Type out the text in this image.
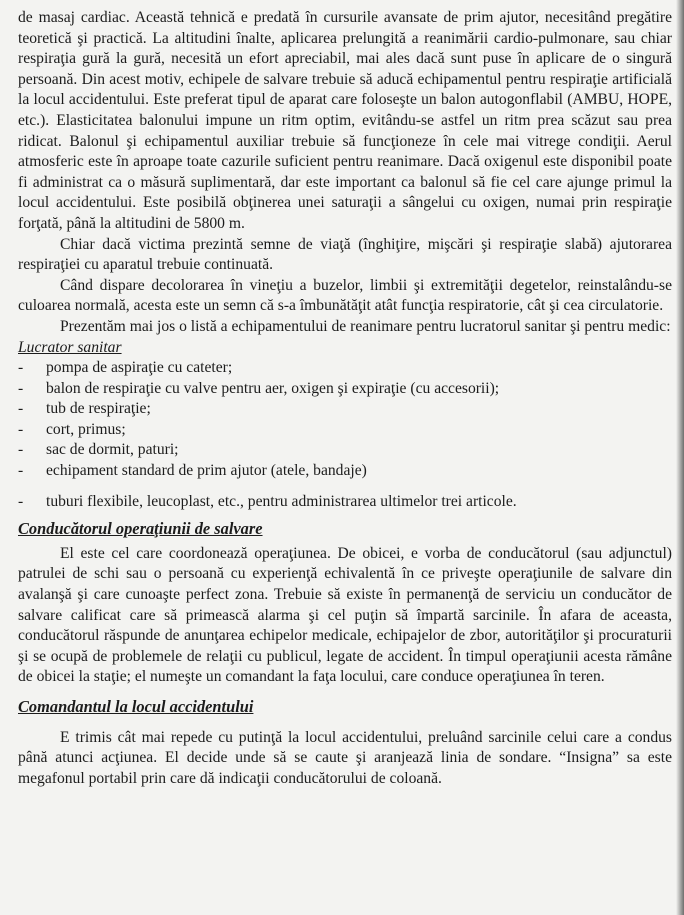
de masaj cardiac. Această tehnică e predată în cursurile avansate de prim ajutor, necesitând pregătire teoretică şi practică. La altitudini înalte, aplicarea prelungită a reanimării cardio-pulmonare, sau chiar respiraţia gură la gură, necesită un efort apreciabil, mai ales dacă sunt puse în aplicare de o singură persoană. Din acest motiv, echipele de salvare trebuie să aducă echipamentul pentru respiraţie artificială la locul accidentului. Este preferat tipul de aparat care foloseşte un balon autogonflabil (AMBU, HOPE, etc.). Elasticitatea balonului impune un ritm optim, evitându-se astfel un ritm prea scăzut sau prea ridicat. Balonul şi echipamentul auxiliar trebuie să funcţioneze în cele mai vitrege condiţii. Aerul atmosferic este în aproape toate cazurile suficient pentru reanimare. Dacă oxigenul este disponibil poate fi administrat ca o măsură suplimentară, dar este important ca balonul să fie cel care ajunge primul la locul accidentului. Este posibilă obţinerea unei saturaţii a sângelui cu oxigen, numai prin respiraţie forţată, până la altitudini de 5800 m.

Chiar dacă victima prezintă semne de viaţă (înghiţire, mişcări şi respiraţie slabă) ajutorarea respiraţiei cu aparatul trebuie continuată.

Când dispare decolorarea în vineţiu a buzelor, limbii şi extremităţii degetelor, reinstalându-se culoarea normală, acesta este un semn că s-a îmbunătăţit atât funcţia respiratorie, cât şi cea circulatorie.

Prezentăm mai jos o listă a echipamentului de reanimare pentru lucratorul sanitar şi pentru medic:

Lucrator sanitar

- pompa de aspiraţie cu cateter;
- balon de respiraţie cu valve pentru aer, oxigen şi expiraţie (cu accesorii);
- tub de respiraţie;
- cort, primus;
- sac de dormit, paturi;
- echipament standard de prim ajutor (atele, bandaje)
- tuburi flexibile, leucoplast, etc., pentru administrarea ultimelor trei articole.

Conducătorul operaţiunii de salvare

El este cel care coordonează operaţiunea. De obicei, e vorba de conducătorul (sau adjunctul) patrulei de schi sau o persoană cu experienţă echivalentă în ce priveşte operaţiunile de salvare din avalanşă şi care cunoaşte perfect zona. Trebuie să existe în permanenţă de serviciu un conducător de salvare calificat care să primească alarma şi cel puţin să împartă sarcinile. În afara de aceasta, conducătorul răspunde de anunţarea echipelor medicale, echipajelor de zbor, autorităţilor şi procuraturii şi se ocupă de problemele de relaţii cu publicul, legate de accident. În timpul operaţiunii acesta rămâne de obicei la staţie; el numeşte un comandant la faţa locului, care conduce operaţiunea în teren.

Comandantul la locul accidentului

E trimis cât mai repede cu putinţă la locul accidentului, preluând sarcinile celui care a condus până atunci acţiunea. El decide unde să se caute şi aranjează linia de sondare. “Insigna” sa este megafonul portabil prin care dă indicaţii conducătorului de coloană.
